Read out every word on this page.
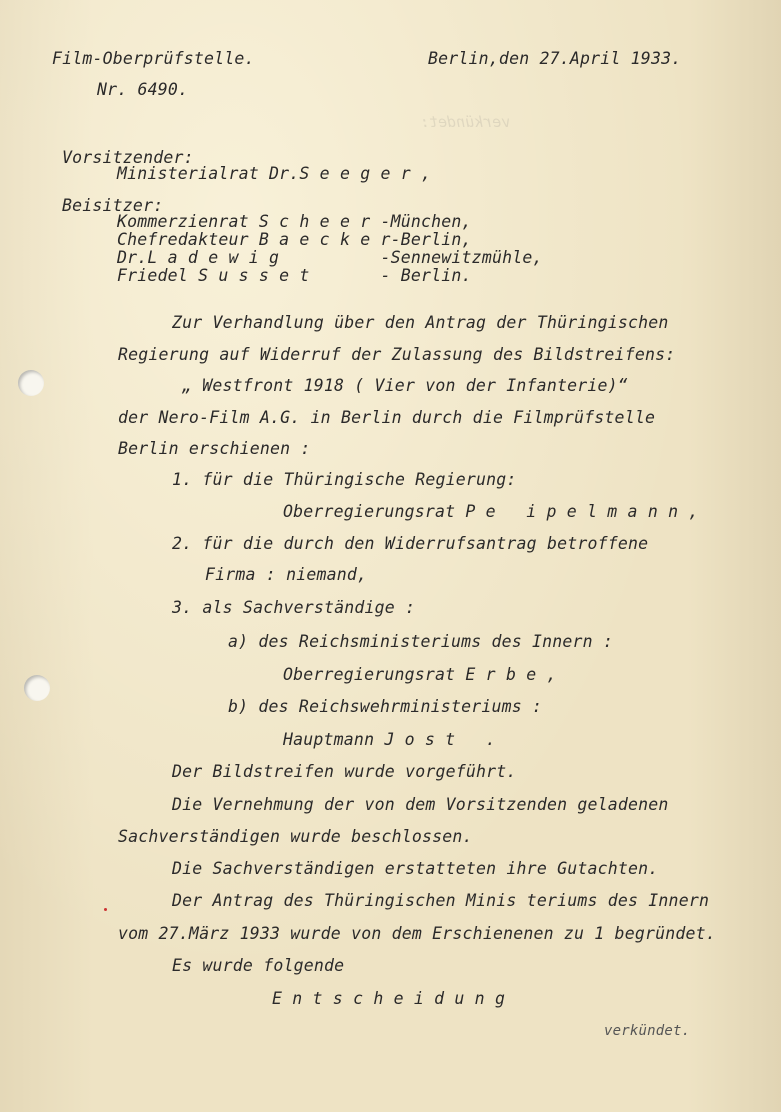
verkündet:
Film-Oberprüfstelle.	Berlin,den 27.April 1933.
Nr. 6490.
Vorsitzender:
Ministerialrat Dr.S e e g e r ,
Beisitzer:
Kommerzienrat S c h e e r -München,
Chefredakteur B a e c k e r-Berlin,
Dr.L a d e w i g          -Sennewitzmühle,
Friedel S u s s e t       - Berlin.
Zur Verhandlung über den Antrag der Thüringischen
Regierung auf Widerruf der Zulassung des Bildstreifens:
„ Westfront 1918 ( Vier von der Infanterie)“
der Nero-Film A.G. in Berlin durch die Filmprüfstelle
Berlin erschienen :
1. für die Thüringische Regierung:
Oberregierungsrat P e   i p e l m a n n ,
2. für die durch den Widerrufsantrag betroffene
Firma : niemand,
3. als Sachverständige :
a) des Reichsministeriums des Innern :
Oberregierungsrat E r b e ,
b) des Reichswehrministeriums :
Hauptmann J o s t   .
Der Bildstreifen wurde vorgeführt.
Die Vernehmung der von dem Vorsitzenden geladenen
Sachverständigen wurde beschlossen.
Die Sachverständigen erstatteten ihre Gutachten.
Der Antrag des Thüringischen Minis teriums des Innern
vom 27.März 1933 wurde von dem Erschienenen zu 1 begründet.
Es wurde folgende
E n t s c h e i d u n g
verkündet.
